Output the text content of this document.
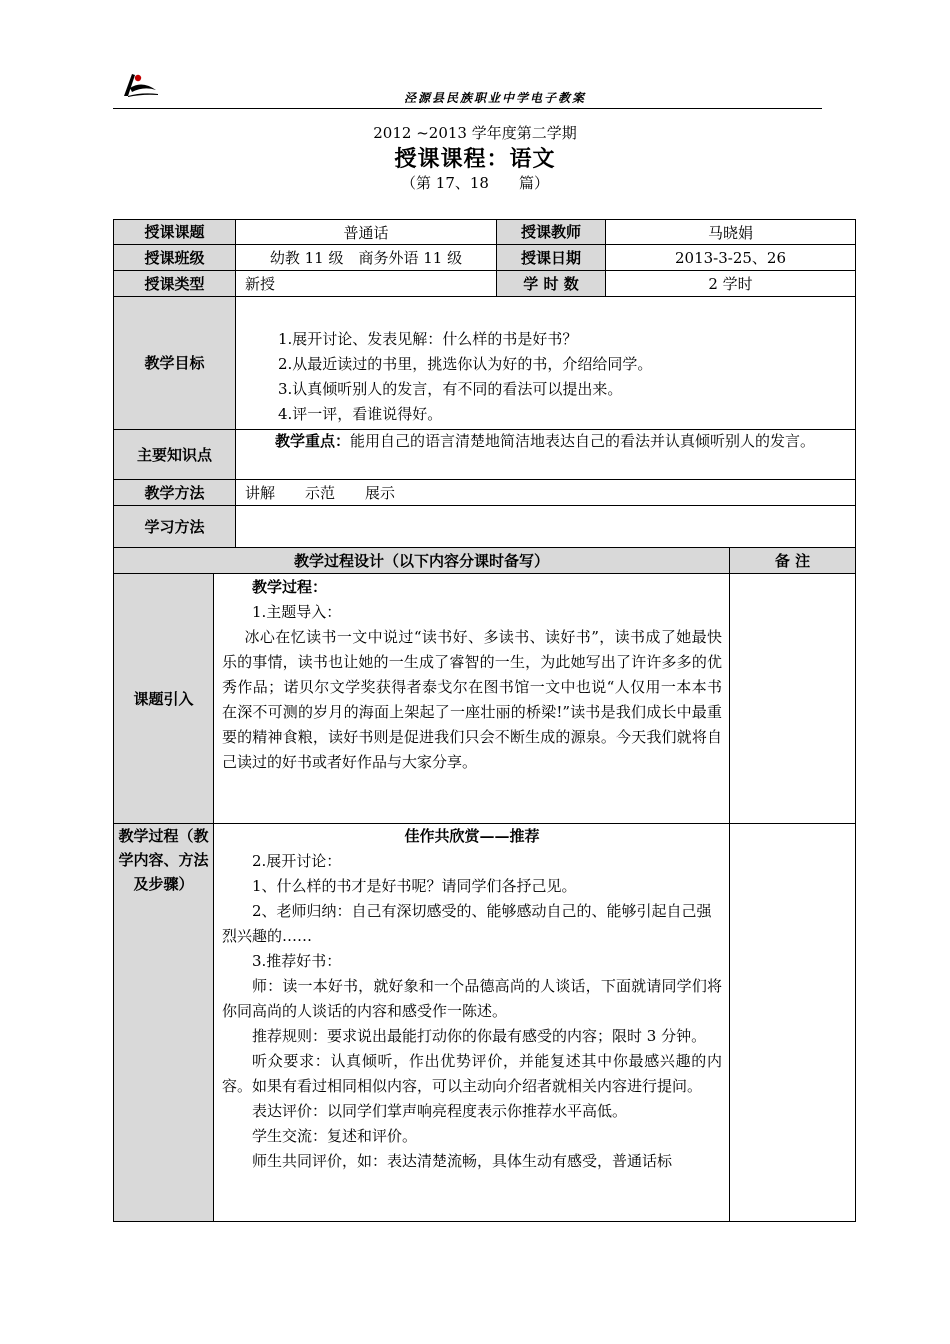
泾源县民族职业中学电子教案
2012 ~2013 学年度第二学期
授课课程：语文
（第 17、18 篇）
授课课题	普通话	授课教师	马晓娟
授课班级	幼教 11 级　商务外语 11 级	授课日期	2013-3-25、26
授课类型	新授	学 时 数	2 学时
教学目标

1.展开讨论、发表见解：什么样的书是好书？

2.从最近读过的书里，挑选你认为好的书，介绍给同学。

3.认真倾听别人的发言，有不同的看法可以提出来。

4.评一评，看谁说得好。

主要知识点

教学重点：能用自己的语言清楚地简洁地表达自己的看法并认真倾听别人的发言。

教学方法	讲解　　示范　　展示
学习方法
教学过程设计（以下内容分课时备写）	备 注
课题引入

教学过程：

1.主题导入：

冰心在忆读书一文中说过“读书好、多读书、读好书”，读书成了她最快乐的事情，读书也让她的一生成了睿智的一生，为此她写出了许许多多的优秀作品；诺贝尔文学奖获得者泰戈尔在图书馆一文中也说“人仅用一本本书在深不可测的岁月的海面上架起了一座壮丽的桥梁!”读书是我们成长中最重要的精神食粮，读好书则是促进我们只会不断生成的源泉。今天我们就将自己读过的好书或者好作品与大家分享。

教学过程（教学内容、方法及步骤）

佳作共欣赏——推荐

2.展开讨论：

1、什么样的书才是好书呢？请同学们各抒己见。

2、老师归纳：自己有深切感受的、能够感动自己的、能够引起自己强烈兴趣的……

3.推荐好书：

师：读一本好书，就好象和一个品德高尚的人谈话，下面就请同学们将你同高尚的人谈话的内容和感受作一陈述。

推荐规则：要求说出最能打动你的你最有感受的内容；限时 3 分钟。

听众要求：认真倾听，作出优势评价，并能复述其中你最感兴趣的内容。如果有看过相同相似内容，可以主动向介绍者就相关内容进行提问。

表达评价：以同学们掌声响亮程度表示你推荐水平高低。

学生交流：复述和评价。

师生共同评价，如：表达清楚流畅，具体生动有感受，普通话标
